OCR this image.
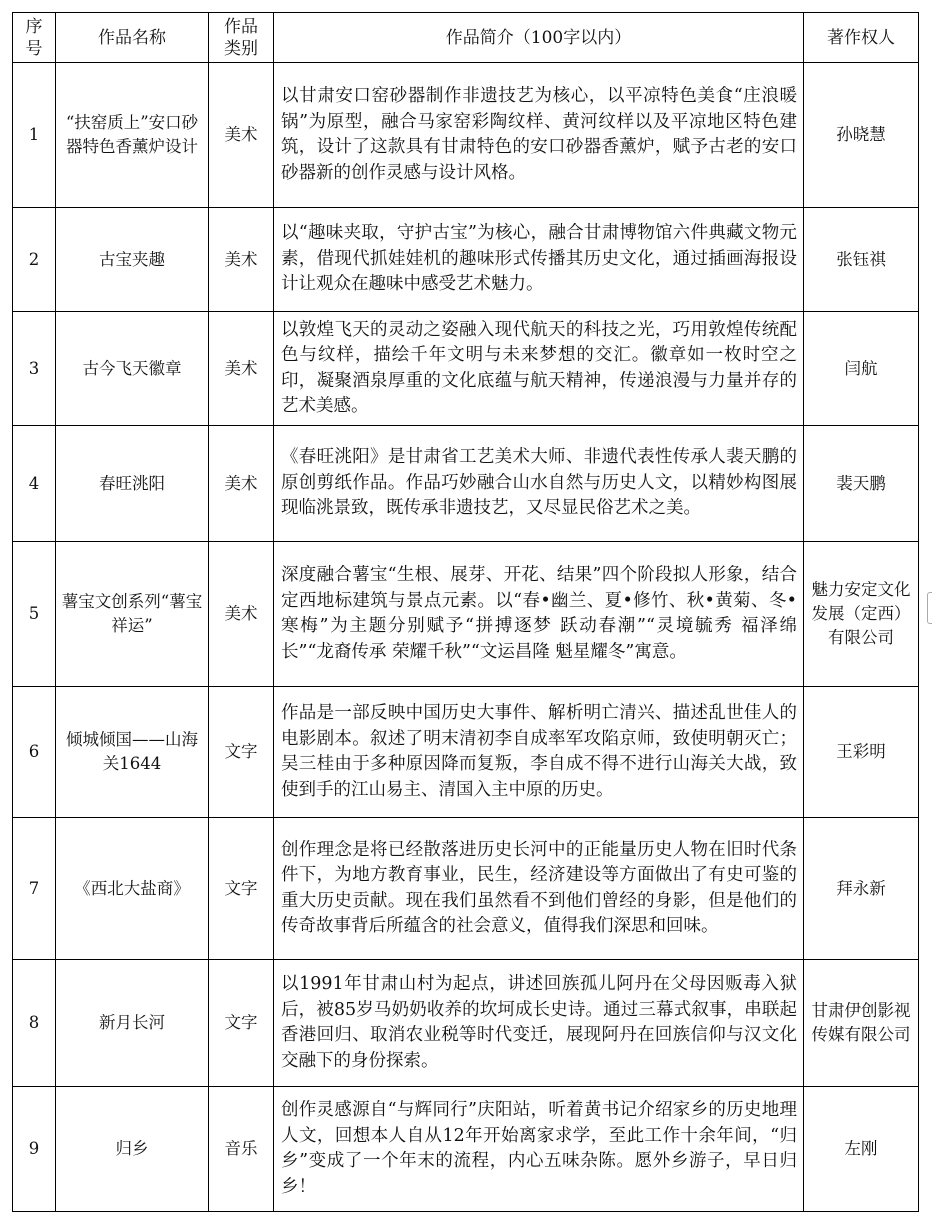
序号	作品名称	作品类别	作品简介（100字以内）	著作权人
1	“扶窑质上”安口砂器特色香薰炉设计	美术	以甘肃安口窑砂器制作非遗技艺为核心，以平凉特色美食“庄浪暖锅”为原型，融合马家窑彩陶纹样、黄河纹样以及平凉地区特色建筑，设计了这款具有甘肃特色的安口砂器香薰炉，赋予古老的安口砂器新的创作灵感与设计风格。	孙晓慧
2	古宝夹趣	美术	以“趣味夹取，守护古宝”为核心，融合甘肃博物馆六件典藏文物元素，借现代抓娃娃机的趣味形式传播其历史文化，通过插画海报设计让观众在趣味中感受艺术魅力。	张钰祺
3	古今飞天徽章	美术	以敦煌飞天的灵动之姿融入现代航天的科技之光，巧用敦煌传统配色与纹样，描绘千年文明与未来梦想的交汇。徽章如一枚时空之印，凝聚酒泉厚重的文化底蕴与航天精神，传递浪漫与力量并存的艺术美感。	闫航
4	春旺洮阳	美术	《春旺洮阳》是甘肃省工艺美术大师、非遗代表性传承人裴天鹏的原创剪纸作品。作品巧妙融合山水自然与历史人文，以精妙构图展现临洮景致，既传承非遗技艺，又尽显民俗艺术之美。	裴天鹏
5	薯宝文创系列“薯宝祥运”	美术	深度融合薯宝“生根、展芽、开花、结果”四个阶段拟人形象，结合定西地标建筑与景点元素。以“春•幽兰、夏•修竹、秋•黄菊、冬•寒梅”为主题分别赋予“拼搏逐梦 跃动春潮”“灵境毓秀 福泽绵长”“龙裔传承 荣耀千秋”“文运昌隆 魁星耀冬”寓意。	魅力安定文化发展（定西）有限公司
6	倾城倾国——山海关1644	文字	作品是一部反映中国历史大事件、解析明亡清兴、描述乱世佳人的电影剧本。叙述了明末清初李自成率军攻陷京师，致使明朝灭亡；吴三桂由于多种原因降而复叛，李自成不得不进行山海关大战，致使到手的江山易主、清国入主中原的历史。	王彩明
7	《西北大盐商》	文字	创作理念是将已经散落进历史长河中的正能量历史人物在旧时代条件下，为地方教育事业，民生，经济建设等方面做出了有史可鉴的重大历史贡献。现在我们虽然看不到他们曾经的身影，但是他们的传奇故事背后所蕴含的社会意义，值得我们深思和回味。	拜永新
8	新月长河	文字	以1991年甘肃山村为起点，讲述回族孤儿阿丹在父母因贩毒入狱后，被85岁马奶奶收养的坎坷成长史诗。通过三幕式叙事，串联起香港回归、取消农业税等时代变迁，展现阿丹在回族信仰与汉文化交融下的身份探索。	甘肃伊创影视传媒有限公司
9	归乡	音乐	创作灵感源自“与辉同行”庆阳站，听着黄书记介绍家乡的历史地理人文，回想本人自从12年开始离家求学，至此工作十余年间，“归乡”变成了一个年末的流程，内心五味杂陈。愿外乡游子，早日归乡！	左刚
